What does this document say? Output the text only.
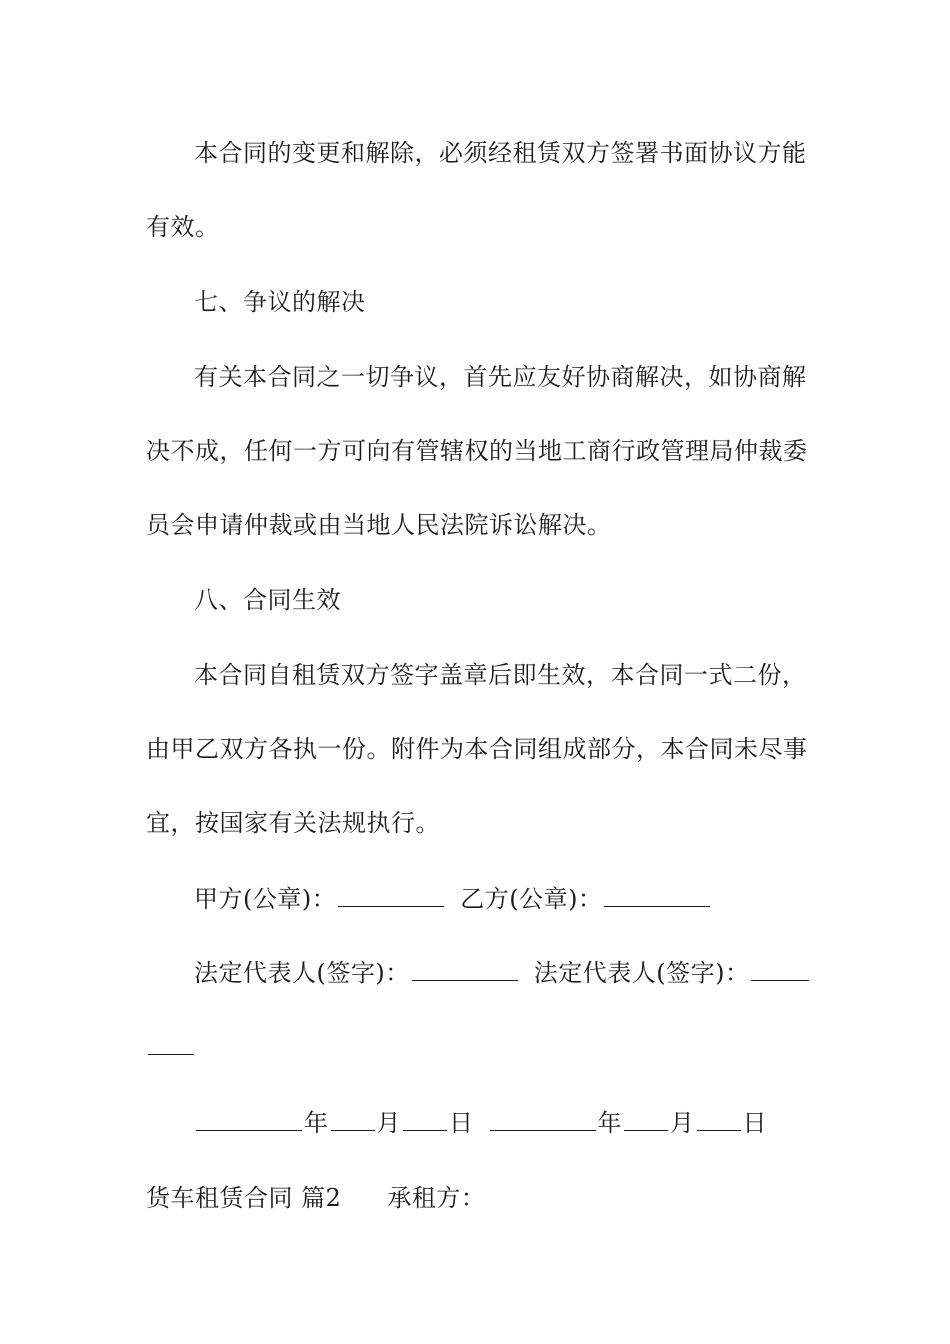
本合同的变更和解除，必须经租赁双方签署书面协议方能
有效。
七、争议的解决
有关本合同之一切争议，首先应友好协商解决，如协商解
决不成，任何一方可向有管辖权的当地工商行政管理局仲裁委
员会申请仲裁或由当地人民法院诉讼解决。
八、合同生效
本合同自租赁双方签字盖章后即生效，本合同一式二份，
由甲乙双方各执一份。附件为本合同组成部分，本合同未尽事
宜，按国家有关法规执行。
甲方(公章)：	乙方(公章)：
法定代表人(签字)：	法定代表人(签字)：
年 月 日	年 月 日
货车租赁合同 篇2 承租方：
